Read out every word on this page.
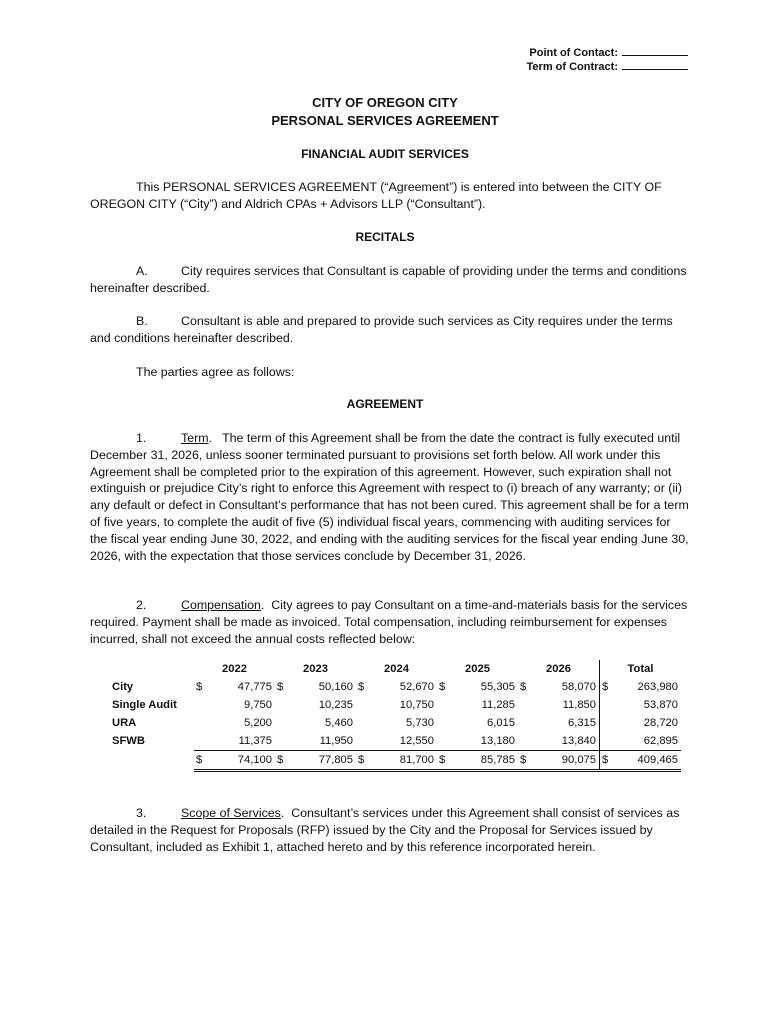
Point of Contact:
Term of Contract:
CITY OF OREGON CITY
PERSONAL SERVICES AGREEMENT
FINANCIAL AUDIT SERVICES
This PERSONAL SERVICES AGREEMENT (“Agreement”) is entered into between the CITY OF OREGON CITY (“City”) and Aldrich CPAs + Advisors LLP (“Consultant”).
RECITALS
A.	City requires services that Consultant is capable of providing under the terms and conditions hereinafter described.
B.	Consultant is able and prepared to provide such services as City requires under the terms and conditions hereinafter described.
The parties agree as follows:
AGREEMENT
1.	Term.   The term of this Agreement shall be from the date the contract is fully executed until December 31, 2026, unless sooner terminated pursuant to provisions set forth below. All work under this Agreement shall be completed prior to the expiration of this agreement. However, such expiration shall not extinguish or prejudice City’s right to enforce this Agreement with respect to (i) breach of any warranty; or (ii) any default or defect in Consultant’s performance that has not been cured. This agreement shall be for a term of five years, to complete the audit of five (5) individual fiscal years, commencing with auditing services for the fiscal year ending June 30, 2022, and ending with the auditing services for the fiscal year ending June 30, 2026, with the expectation that those services conclude by December 31, 2026.
2.	Compensation.  City agrees to pay Consultant on a time-and-materials basis for the services required. Payment shall be made as invoiced. Total compensation, including reimbursement for expenses incurred, shall not exceed the annual costs reflected below:
	2022		2023		2024		2025		2026		Total	
City	$	47,775	$	50,160	$	52,670	$	55,305	$	58,070	$	263,980
Single Audit		9,750		10,235		10,750		11,285		11,850		53,870
URA		5,200		5,460		5,730		6,015		6,315		28,720
SFWB		11,375		11,950		12,550		13,180		13,840		62,895
	$	74,100	$	77,805	$	81,700	$	85,785	$	90,075	$	409,465
3.	Scope of Services.  Consultant’s services under this Agreement shall consist of services as detailed in the Request for Proposals (RFP) issued by the City and the Proposal for Services issued by Consultant, included as Exhibit 1, attached hereto and by this reference incorporated herein.
